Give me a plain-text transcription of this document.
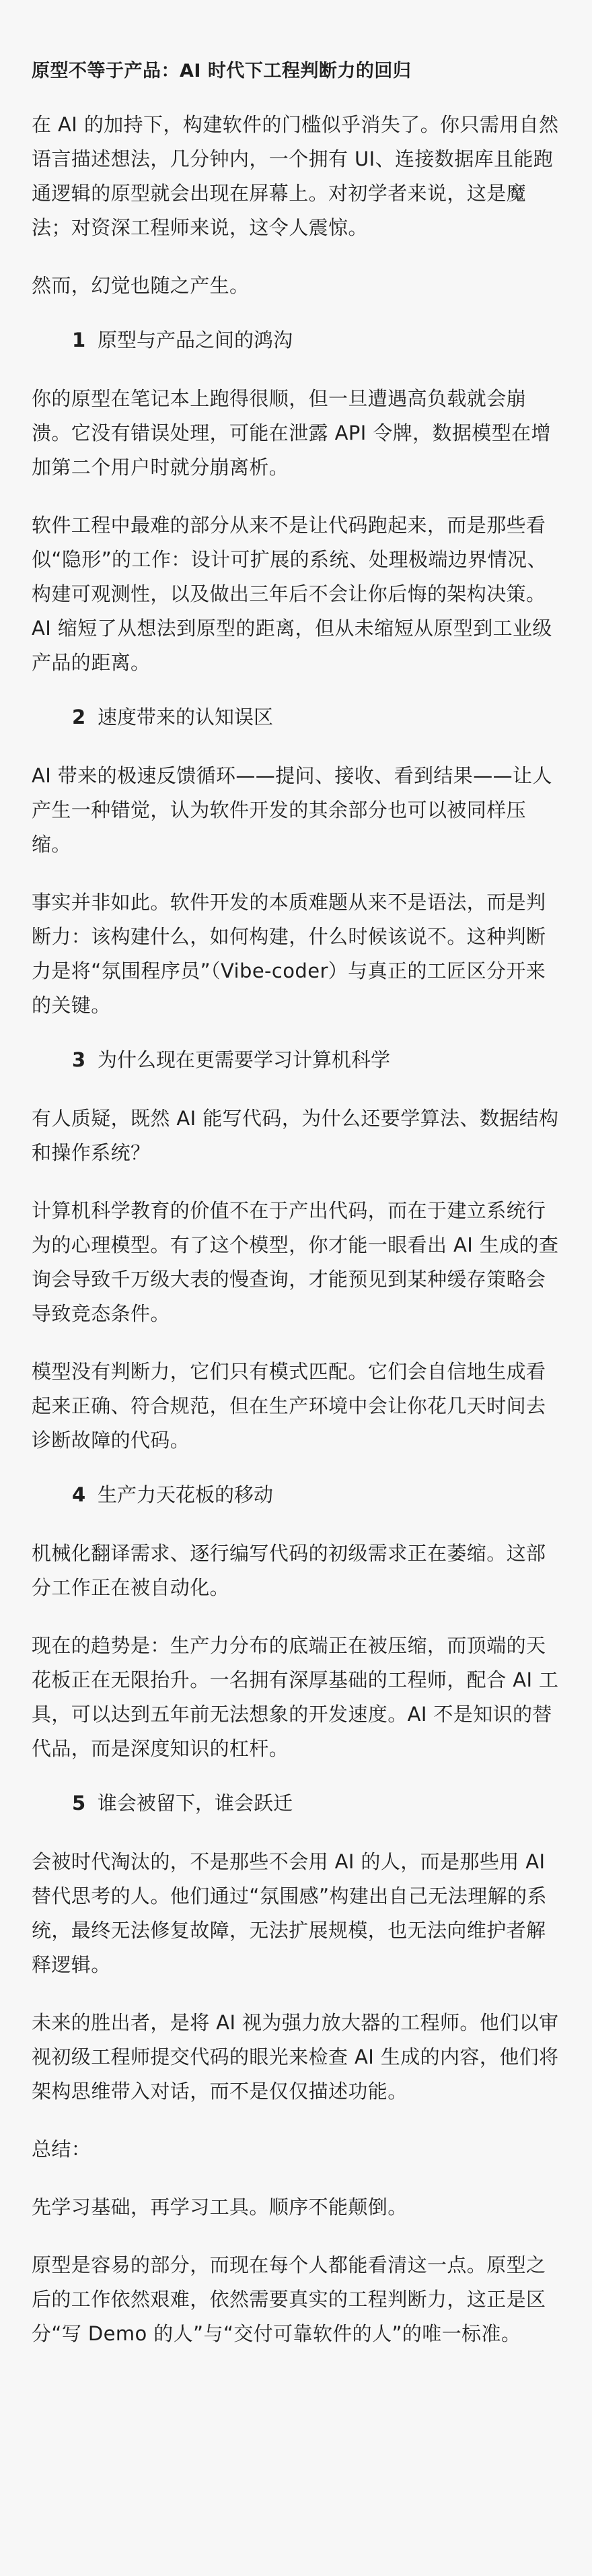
原型不等于产品：AI 时代下工程判断力的回归

在 AI 的加持下，构建软件的门槛似乎消失了。你只需用自然语言描述想法，几分钟内，一个拥有 UI、连接数据库且能跑通逻辑的原型就会出现在屏幕上。对初学者来说，这是魔法；对资深工程师来说，这令人震惊。

然而，幻觉也随之产生。

1 原型与产品之间的鸿沟

你的原型在笔记本上跑得很顺，但一旦遭遇高负载就会崩溃。它没有错误处理，可能在泄露 API 令牌，数据模型在增加第二个用户时就分崩离析。

软件工程中最难的部分从来不是让代码跑起来，而是那些看似“隐形”的工作：设计可扩展的系统、处理极端边界情况、构建可观测性，以及做出三年后不会让你后悔的架构决策。AI 缩短了从想法到原型的距离，但从未缩短从原型到工业级产品的距离。

2 速度带来的认知误区

AI 带来的极速反馈循环——提问、接收、看到结果——让人产生一种错觉，认为软件开发的其余部分也可以被同样压缩。

事实并非如此。软件开发的本质难题从来不是语法，而是判断力：该构建什么，如何构建，什么时候该说不。这种判断力是将“氛围程序员”（Vibe-coder）与真正的工匠区分开来的关键。

3 为什么现在更需要学习计算机科学

有人质疑，既然 AI 能写代码，为什么还要学算法、数据结构和操作系统？

计算机科学教育的价值不在于产出代码，而在于建立系统行为的心理模型。有了这个模型，你才能一眼看出 AI 生成的查询会导致千万级大表的慢查询，才能预见到某种缓存策略会导致竞态条件。

模型没有判断力，它们只有模式匹配。它们会自信地生成看起来正确、符合规范，但在生产环境中会让你花几天时间去诊断故障的代码。

4 生产力天花板的移动

机械化翻译需求、逐行编写代码的初级需求正在萎缩。这部分工作正在被自动化。

现在的趋势是：生产力分布的底端正在被压缩，而顶端的天花板正在无限抬升。一名拥有深厚基础的工程师，配合 AI 工具，可以达到五年前无法想象的开发速度。AI 不是知识的替代品，而是深度知识的杠杆。

5 谁会被留下，谁会跃迁

会被时代淘汰的，不是那些不会用 AI 的人，而是那些用 AI 替代思考的人。他们通过“氛围感”构建出自己无法理解的系统，最终无法修复故障，无法扩展规模，也无法向维护者解释逻辑。

未来的胜出者，是将 AI 视为强力放大器的工程师。他们以审视初级工程师提交代码的眼光来检查 AI 生成的内容，他们将架构思维带入对话，而不是仅仅描述功能。

总结：

先学习基础，再学习工具。顺序不能颠倒。

原型是容易的部分，而现在每个人都能看清这一点。原型之后的工作依然艰难，依然需要真实的工程判断力，这正是区分“写 Demo 的人”与“交付可靠软件的人”的唯一标准。
